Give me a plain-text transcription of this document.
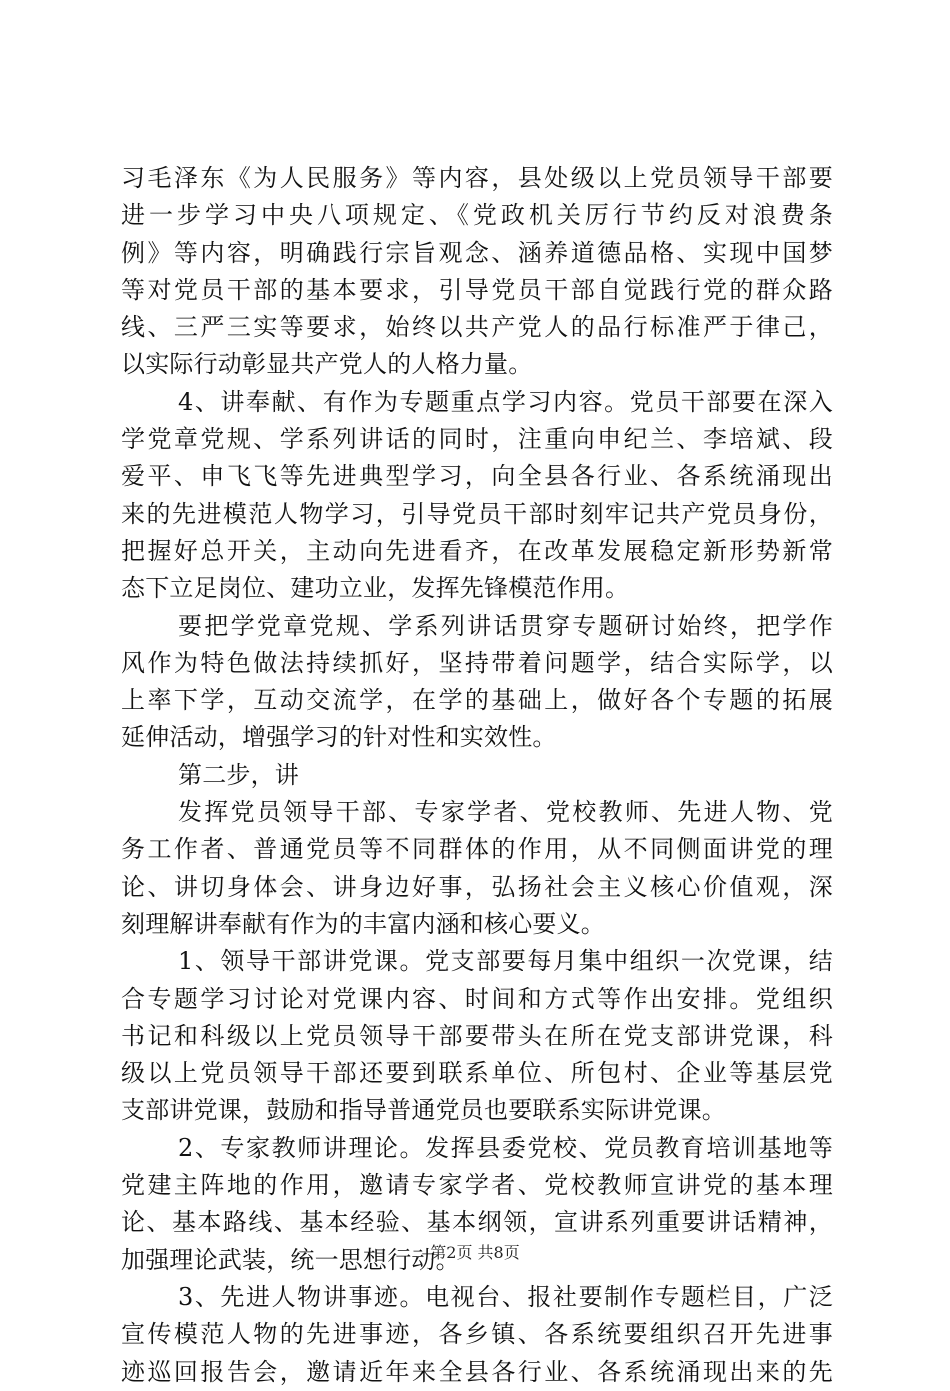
习毛泽东《为人民服务》等内容，县处级以上党员领导干部要
进一步学习中央八项规定、《党政机关厉行节约反对浪费条
例》等内容，明确践行宗旨观念、涵养道德品格、实现中国梦
等对党员干部的基本要求，引导党员干部自觉践行党的群众路
线、三严三实等要求，始终以共产党人的品行标准严于律己，
以实际行动彰显共产党人的人格力量。
4、讲奉献、有作为专题重点学习内容。党员干部要在深入
学党章党规、学系列讲话的同时，注重向申纪兰、李培斌、段
爱平、申飞飞等先进典型学习，向全县各行业、各系统涌现出
来的先进模范人物学习，引导党员干部时刻牢记共产党员身份，
把握好总开关，主动向先进看齐，在改革发展稳定新形势新常
态下立足岗位、建功立业，发挥先锋模范作用。
要把学党章党规、学系列讲话贯穿专题研讨始终，把学作
风作为特色做法持续抓好，坚持带着问题学，结合实际学，以
上率下学，互动交流学，在学的基础上，做好各个专题的拓展
延伸活动，增强学习的针对性和实效性。
第二步，讲
发挥党员领导干部、专家学者、党校教师、先进人物、党
务工作者、普通党员等不同群体的作用，从不同侧面讲党的理
论、讲切身体会、讲身边好事，弘扬社会主义核心价值观，深
刻理解讲奉献有作为的丰富内涵和核心要义。
1、领导干部讲党课。党支部要每月集中组织一次党课，结
合专题学习讨论对党课内容、时间和方式等作出安排。党组织
书记和科级以上党员领导干部要带头在所在党支部讲党课，科
级以上党员领导干部还要到联系单位、所包村、企业等基层党
支部讲党课，鼓励和指导普通党员也要联系实际讲党课。
2、专家教师讲理论。发挥县委党校、党员教育培训基地等
党建主阵地的作用，邀请专家学者、党校教师宣讲党的基本理
论、基本路线、基本经验、基本纲领，宣讲系列重要讲话精神，
加强理论武装，统一思想行动。
3、先进人物讲事迹。电视台、报社要制作专题栏目，广泛
宣传模范人物的先进事迹，各乡镇、各系统要组织召开先进事
迹巡回报告会，邀请近年来全县各行业、各系统涌现出来的先
第2页 共8页
